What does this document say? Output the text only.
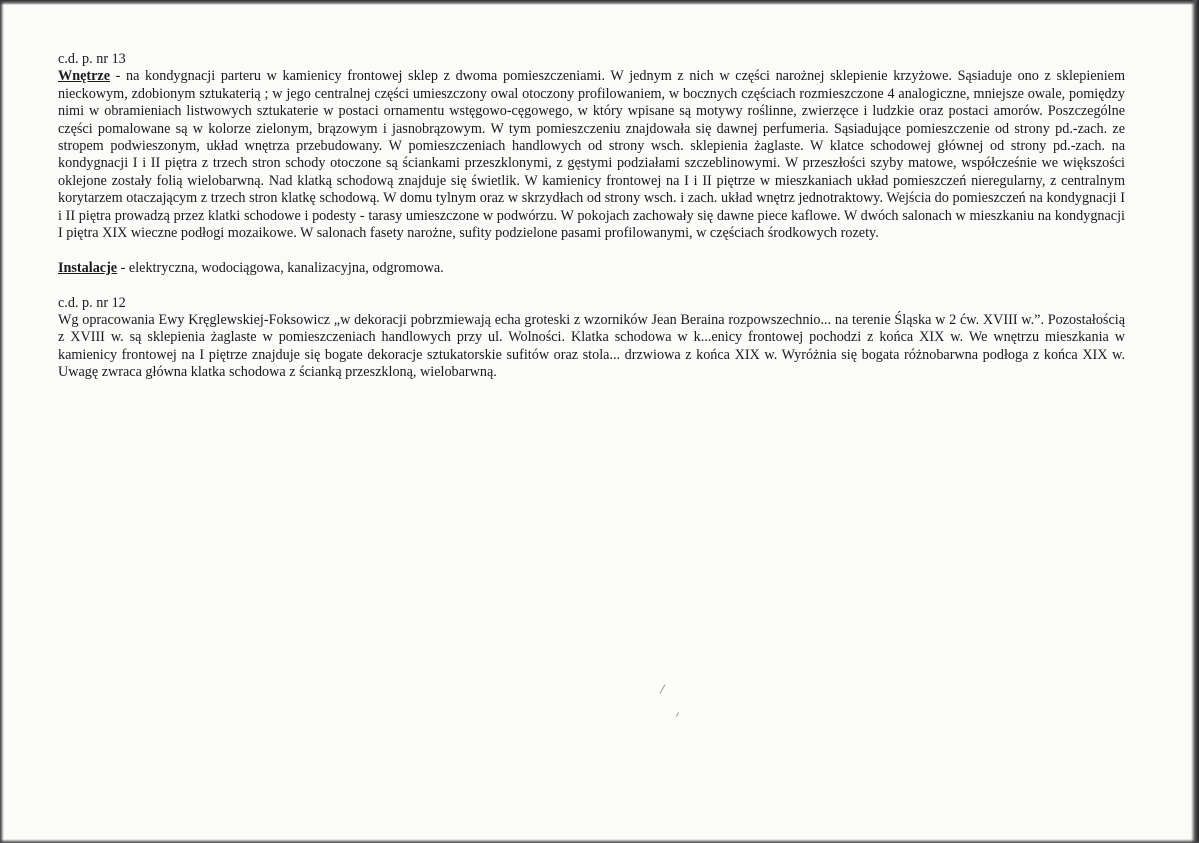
c.d. p. nr 13
Wnętrze - na kondygnacji parteru w kamienicy frontowej sklep z dwoma pomieszczeniami. W jednym z nich w części narożnej sklepienie krzyżowe. Sąsiaduje ono z sklepieniem nieckowym, zdobionym sztukaterią ; w jego centralnej części umieszczony owal otoczony profilowaniem, w bocznych częściach rozmieszczone 4 analogiczne, mniejsze owale, pomiędzy nimi w obramieniach listwowych sztukaterie w postaci ornamentu wstęgowo-cęgowego, w który wpisane są motywy roślinne, zwierzęce i ludzkie oraz postaci amorów. Poszczególne części pomalowane są w kolorze zielonym, brązowym i jasnobrązowym. W tym pomieszczeniu znajdowała się dawnej perfumeria. Sąsiadujące pomieszczenie od strony pd.-zach. ze stropem podwieszonym, układ wnętrza przebudowany. W pomieszczeniach handlowych od strony wsch. sklepienia żaglaste. W klatce schodowej głównej od strony pd.-zach. na kondygnacji I i II piętra z trzech stron schody otoczone są ściankami przeszklonymi, z gęstymi podziałami szczeblinowymi. W przeszłości szyby matowe, współcześnie we większości oklejone zostały folią wielobarwną. Nad klatką schodową znajduje się świetlik. W kamienicy frontowej na I i II piętrze w mieszkaniach układ pomieszczeń nieregularny, z centralnym korytarzem otaczającym z trzech stron klatkę schodową. W domu tylnym oraz w skrzydłach od strony wsch. i zach. układ wnętrz jednotraktowy. Wejścia do pomieszczeń na kondygnacji I i II piętra prowadzą przez klatki schodowe i podesty - tarasy umieszczone w podwórzu. W pokojach zachowały się dawne piece kaflowe. W dwóch salonach w mieszkaniu na kondygnacji I piętra XIX wieczne podłogi mozaikowe. W salonach fasety narożne, sufity podzielone pasami profilowanymi, w częściach środkowych rozety.

Instalacje - elektryczna, wodociągowa, kanalizacyjna, odgromowa.

c.d. p. nr 12
Wg opracowania Ewy Kręglewskiej-Foksowicz „w dekoracji pobrzmiewają echa groteski z wzorników Jean Beraina rozpowszechnio... na terenie Śląska w 2 ćw. XVIII w.”. Pozostałością z XVIII w. są sklepienia żaglaste w pomieszczeniach handlowych przy ul. Wolności. Klatka schodowa w k...enicy frontowej pochodzi z końca XIX w. We wnętrzu mieszkania w kamienicy frontowej na I piętrze znajduje się bogate dekoracje sztukatorskie sufitów oraz stola... drzwiowa z końca XIX w. Wyróżnia się bogata różnobarwna podłoga z końca XIX w. Uwagę zwraca główna klatka schodowa z ścianką przeszkloną, wielobarwną.
